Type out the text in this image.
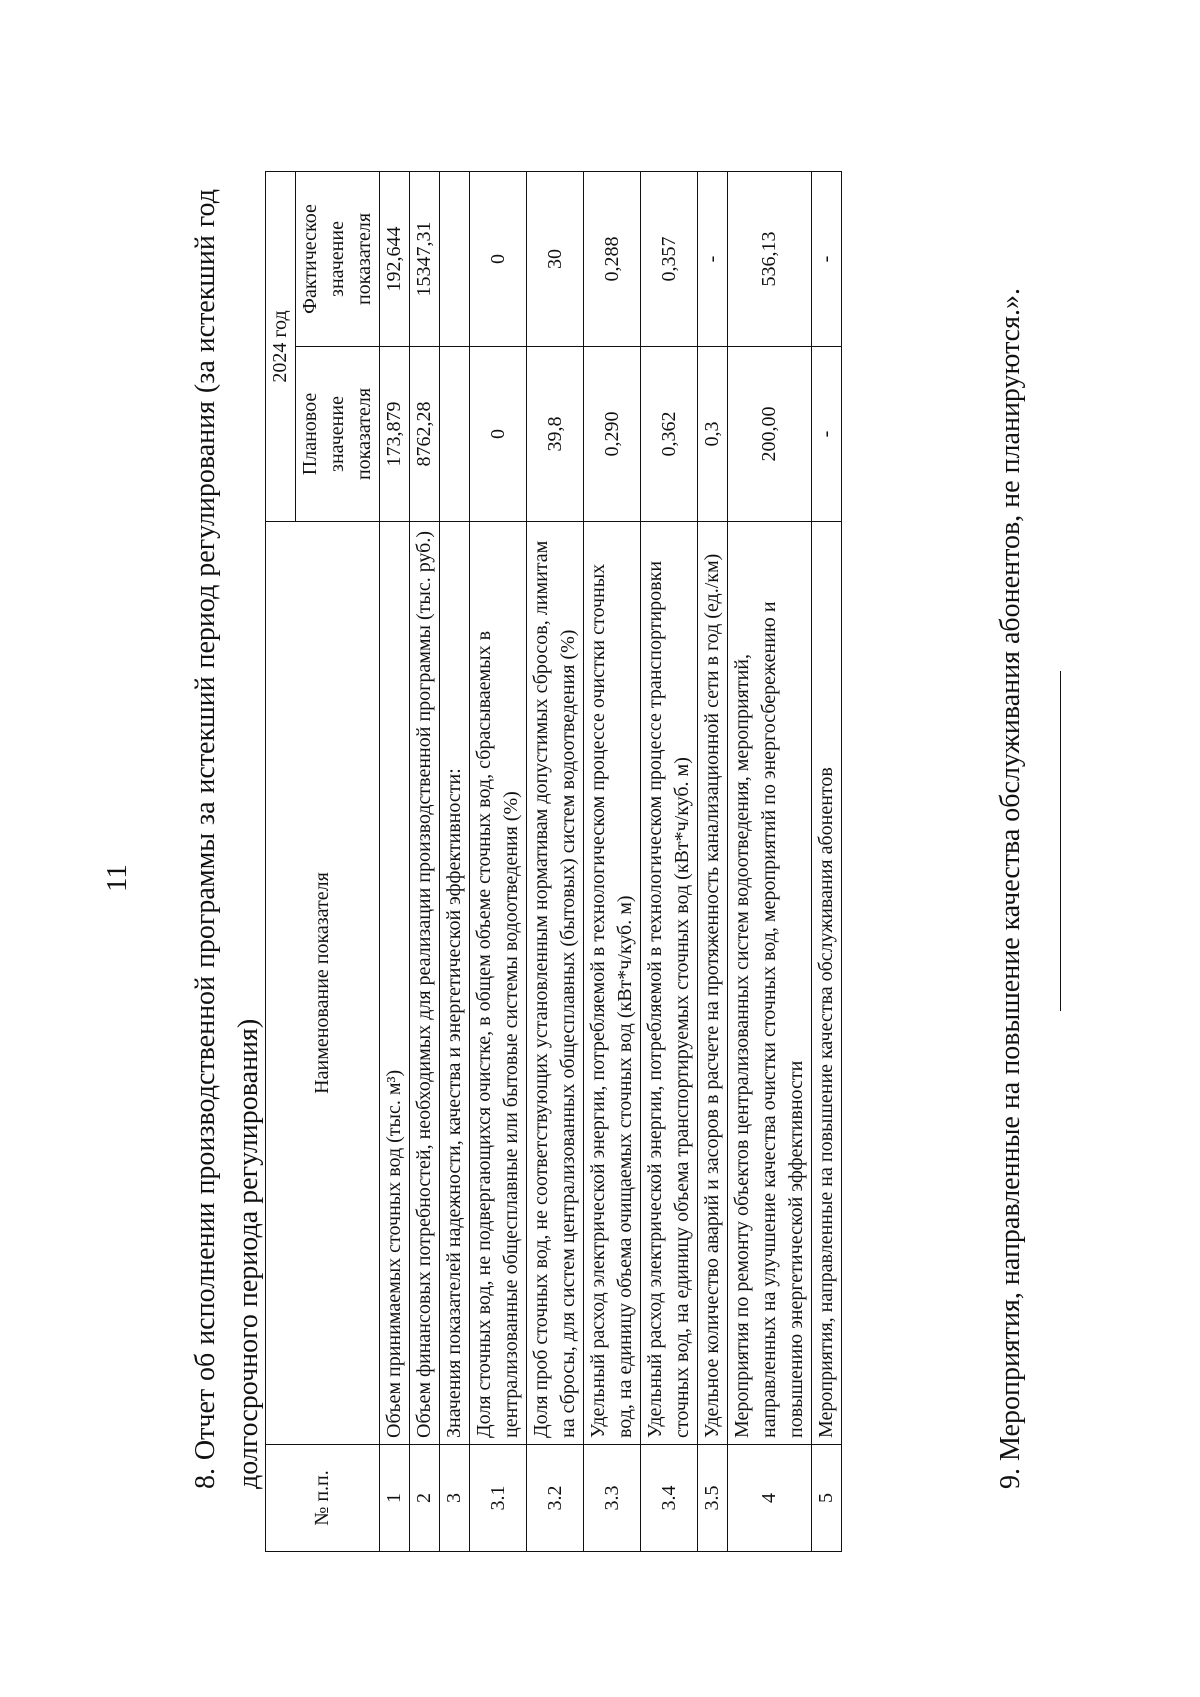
11	8. Отчет об исполнении производственной программы за истекший период регулирования (за истекший год долгосрочного периода регулирования)
№ п.п.	Наименование показателя	2024 год	
		Плановое значение показателя	Фактическое значение показателя
1	Объем принимаемых сточных вод (тыс. м³)	173,879	192,644
2	Объем финансовых потребностей, необходимых для реализации производственной программы (тыс. руб.)	8762,28	15347,31
3	Значения показателей надежности, качества и энергетической эффективности:		
3.1	Доля сточных вод, не подвергающихся очистке, в общем объеме сточных вод, сбрасываемых в централизованные общесплавные или бытовые системы водоотведения (%)	0	0
3.2	Доля проб сточных вод, не соответствующих установленным нормативам допустимых сбросов, лимитам на сбросы, для систем централизованных общесплавных (бытовых) систем водоотведения (%)	39,8	30
3.3	Удельный расход электрической энергии, потребляемой в технологическом процессе очистки сточных вод, на единицу объема очищаемых сточных вод (кВт*ч/куб. м)	0,290	0,288
3.4	Удельный расход электрической энергии, потребляемой в технологическом процессе транспортировки сточных вод, на единицу объема транспортируемых сточных вод (кВт*ч/куб. м)	0,362	0,357
3.5	Удельное количество аварий и засоров в расчете на протяженность канализационной сети в год (ед./км)	0,3	-
4	Мероприятия по ремонту объектов централизованных систем водоотведения, мероприятий, направленных на улучшение качества очистки сточных вод, мероприятий по энергосбережению и повышению энергетической эффективности	200,00	536,13
5	Мероприятия, направленные на повышение качества обслуживания абонентов	-	-
9. Мероприятия, направленные на повышение качества обслуживания абонентов, не планируются.».
